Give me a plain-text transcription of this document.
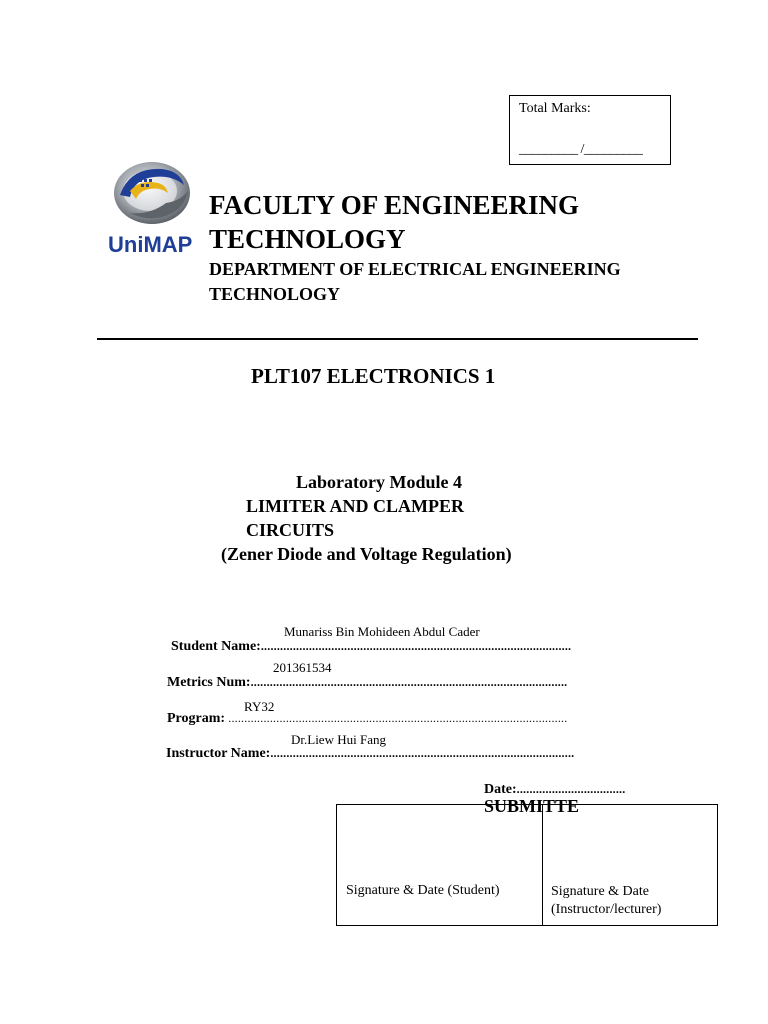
Total Marks:
_________ /_________
UniMAP
FACULTY OF ENGINEERING
TECHNOLOGY
DEPARTMENT OF ELECTRICAL ENGINEERING
TECHNOLOGY
PLT107 ELECTRONICS 1
Laboratory Module 4
LIMITER AND CLAMPER
CIRCUITS
(Zener Diode and Voltage Regulation)
Munariss Bin Mohideen Abdul Cader
Student Name:.................................................................................................
201361534
Metrics Num:...................................................................................................
RY32
Program: ..........................................................................................................
Dr.Liew Hui Fang
Instructor Name:...............................................................................................
Date:..................................
Signature & Date (Student)	Signature & Date
(Instructor/lecturer)
SUBMITTE
